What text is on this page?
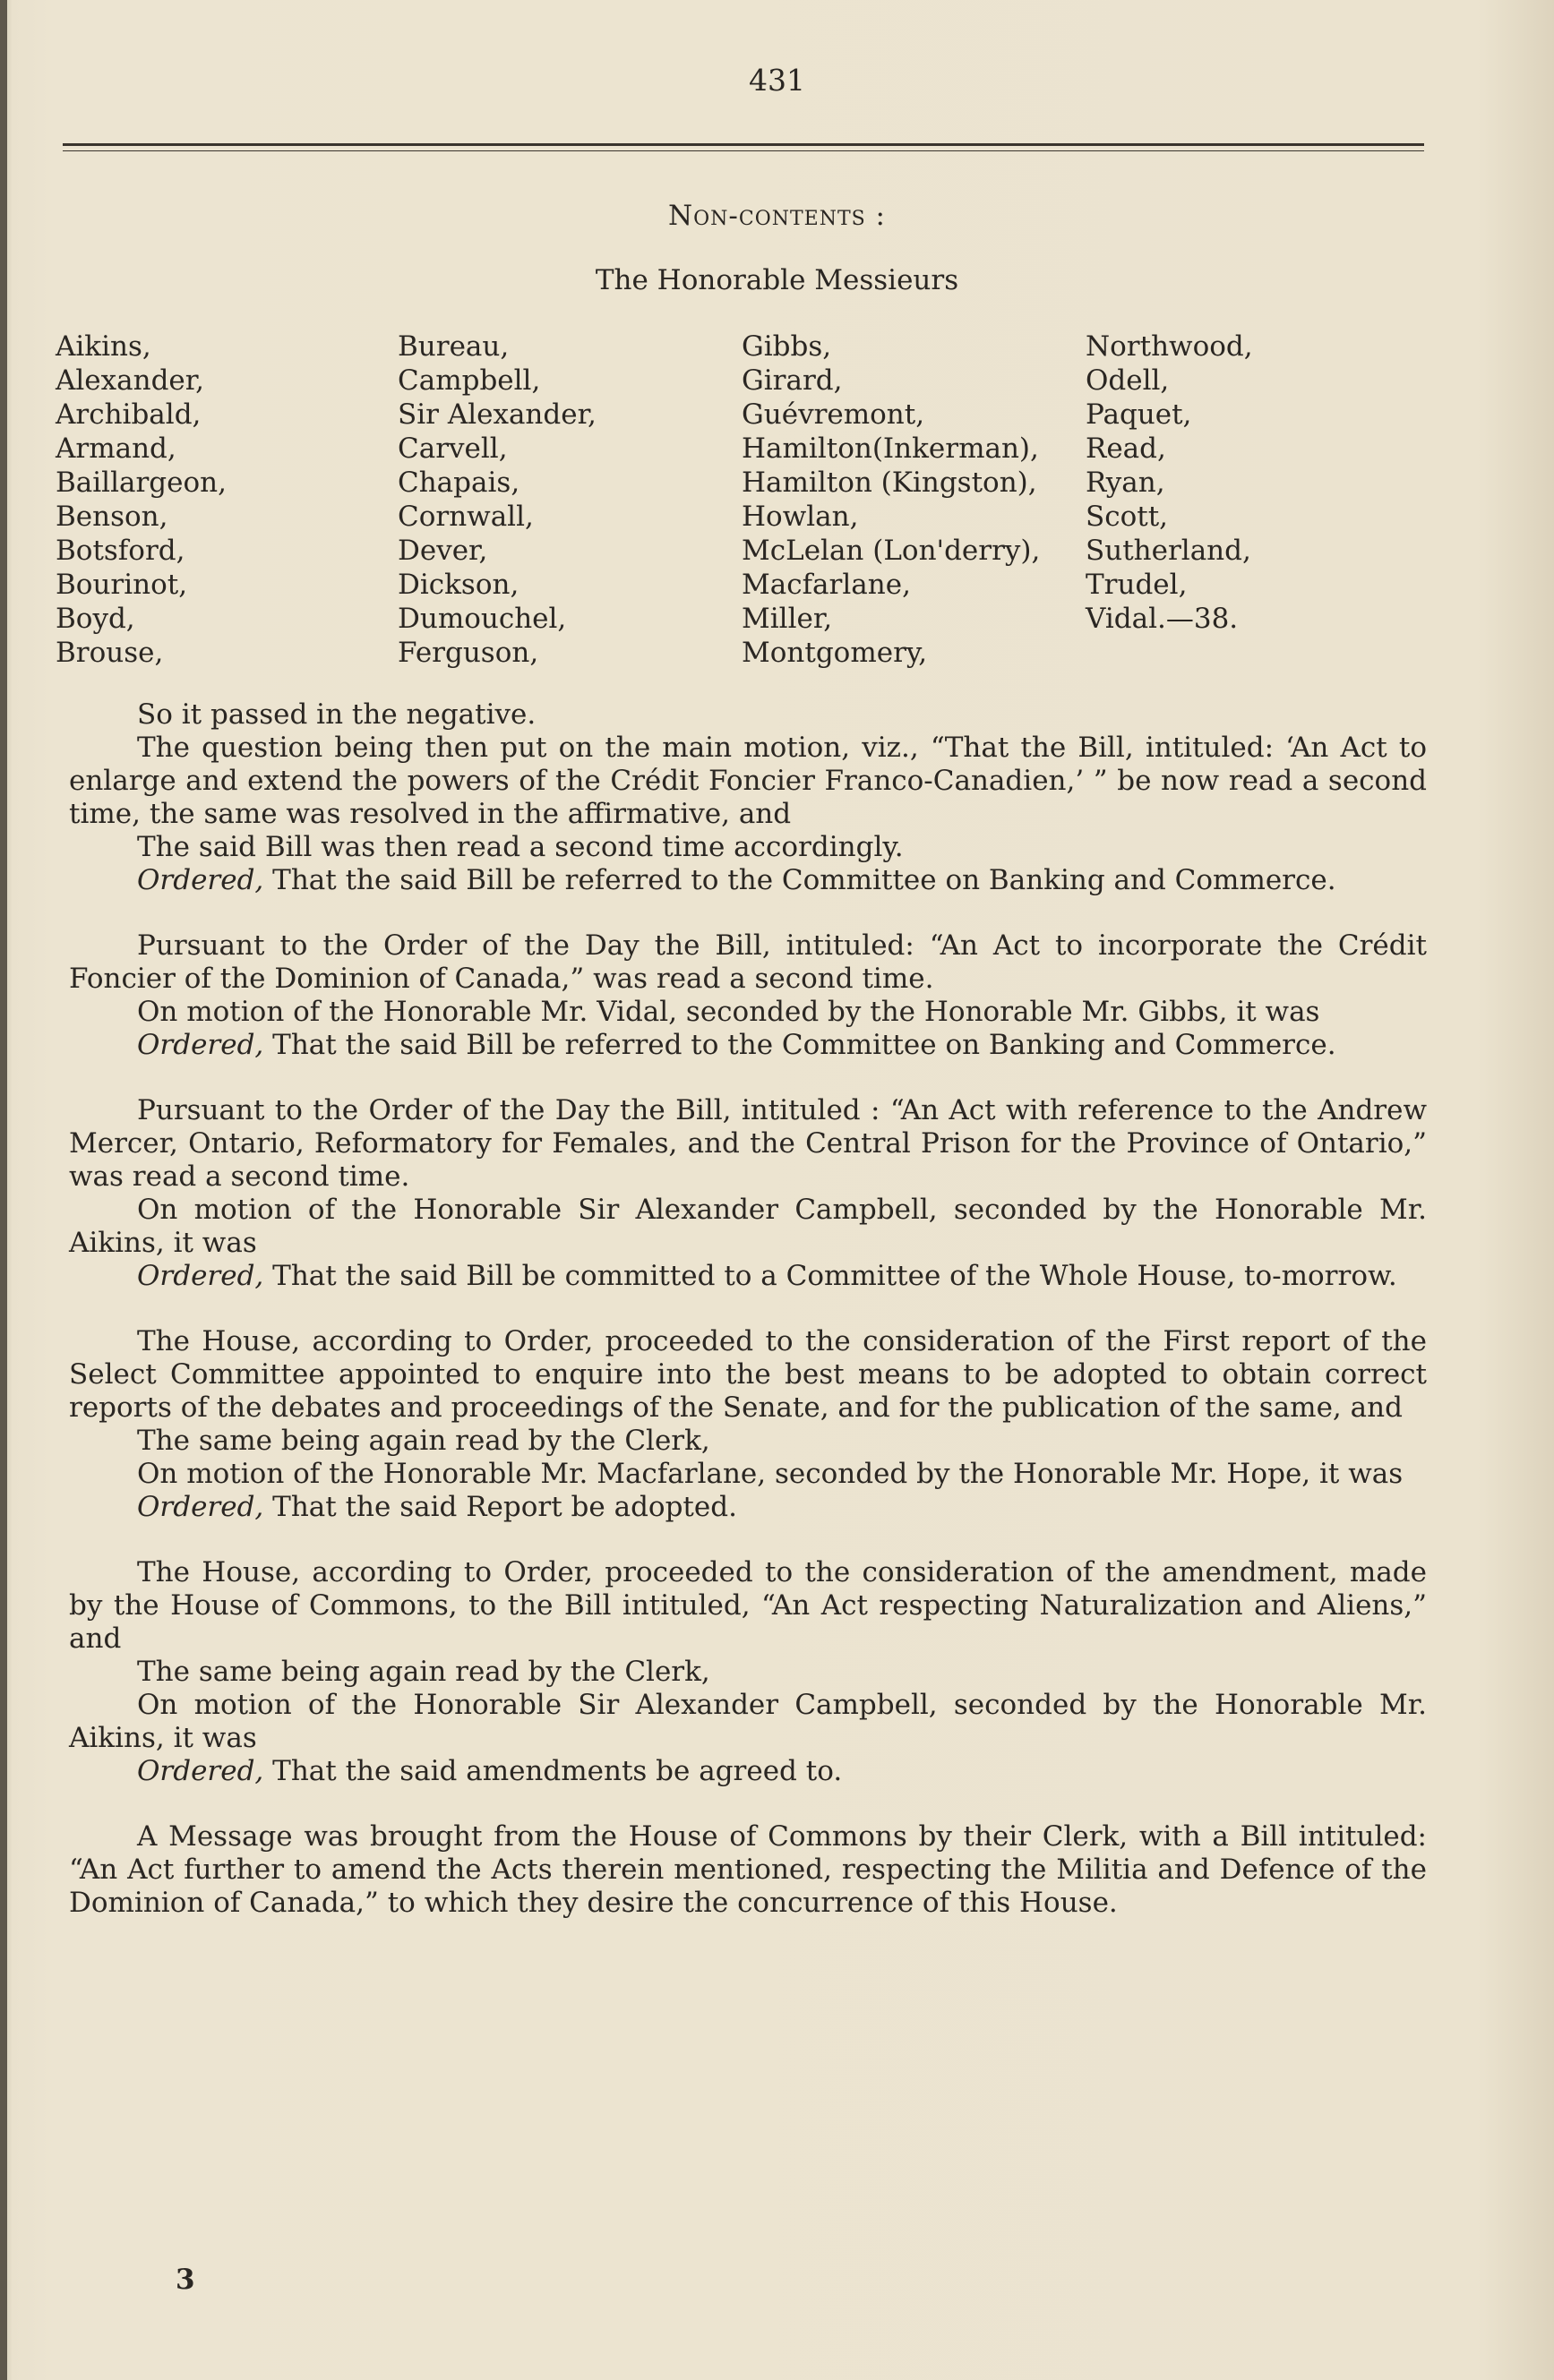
431
Non-contents :
The Honorable Messieurs
Aikins,
Alexander,
Archibald,
Armand,
Baillargeon,
Benson,
Botsford,
Bourinot,
Boyd,
Brouse,
Bureau,
Campbell,
Sir Alexander,
Carvell,
Chapais,
Cornwall,
Dever,
Dickson,
Dumouchel,
Ferguson,
Gibbs,
Girard,
Guévremont,
Hamilton(Inkerman),
Hamilton (Kingston),
Howlan,
McLelan (Lon'derry),
Macfarlane,
Miller,
Montgomery,
Northwood,
Odell,
Paquet,
Read,
Ryan,
Scott,
Sutherland,
Trudel,
Vidal.—38.

So it passed in the negative.

The question being then put on the main motion, viz., “That the Bill, intituled: ‘An Act to enlarge and extend the powers of the Crédit Foncier Franco-Canadien,’ ” be now read a second time, the same was resolved in the affirmative, and

The said Bill was then read a second time accordingly.

Ordered, That the said Bill be referred to the Committee on Banking and Commerce.

Pursuant to the Order of the Day the Bill, intituled: “An Act to incorporate the Crédit Foncier of the Dominion of Canada,” was read a second time.

On motion of the Honorable Mr. Vidal, seconded by the Honorable Mr. Gibbs, it was

Ordered, That the said Bill be referred to the Committee on Banking and Commerce.

Pursuant to the Order of the Day the Bill, intituled : “An Act with reference to the Andrew Mercer, Ontario, Reformatory for Females, and the Central Prison for the Province of Ontario,” was read a second time.

On motion of the Honorable Sir Alexander Campbell, seconded by the Honorable Mr. Aikins, it was

Ordered, That the said Bill be committed to a Committee of the Whole House, to-morrow.

The House, according to Order, proceeded to the consideration of the First report of the Select Committee appointed to enquire into the best means to be adopted to obtain correct reports of the debates and proceedings of the Senate, and for the publication of the same, and

The same being again read by the Clerk,

On motion of the Honorable Mr. Macfarlane, seconded by the Honorable Mr. Hope, it was

Ordered, That the said Report be adopted.

The House, according to Order, proceeded to the consideration of the amendment, made by the House of Commons, to the Bill intituled, “An Act respecting Naturalization and Aliens,” and

The same being again read by the Clerk,

On motion of the Honorable Sir Alexander Campbell, seconded by the Honorable Mr. Aikins, it was

Ordered, That the said amendments be agreed to.

A Message was brought from the House of Commons by their Clerk, with a Bill intituled: “An Act further to amend the Acts therein mentioned, respecting the Militia and Defence of the Dominion of Canada,” to which they desire the concurrence of this House.

3
